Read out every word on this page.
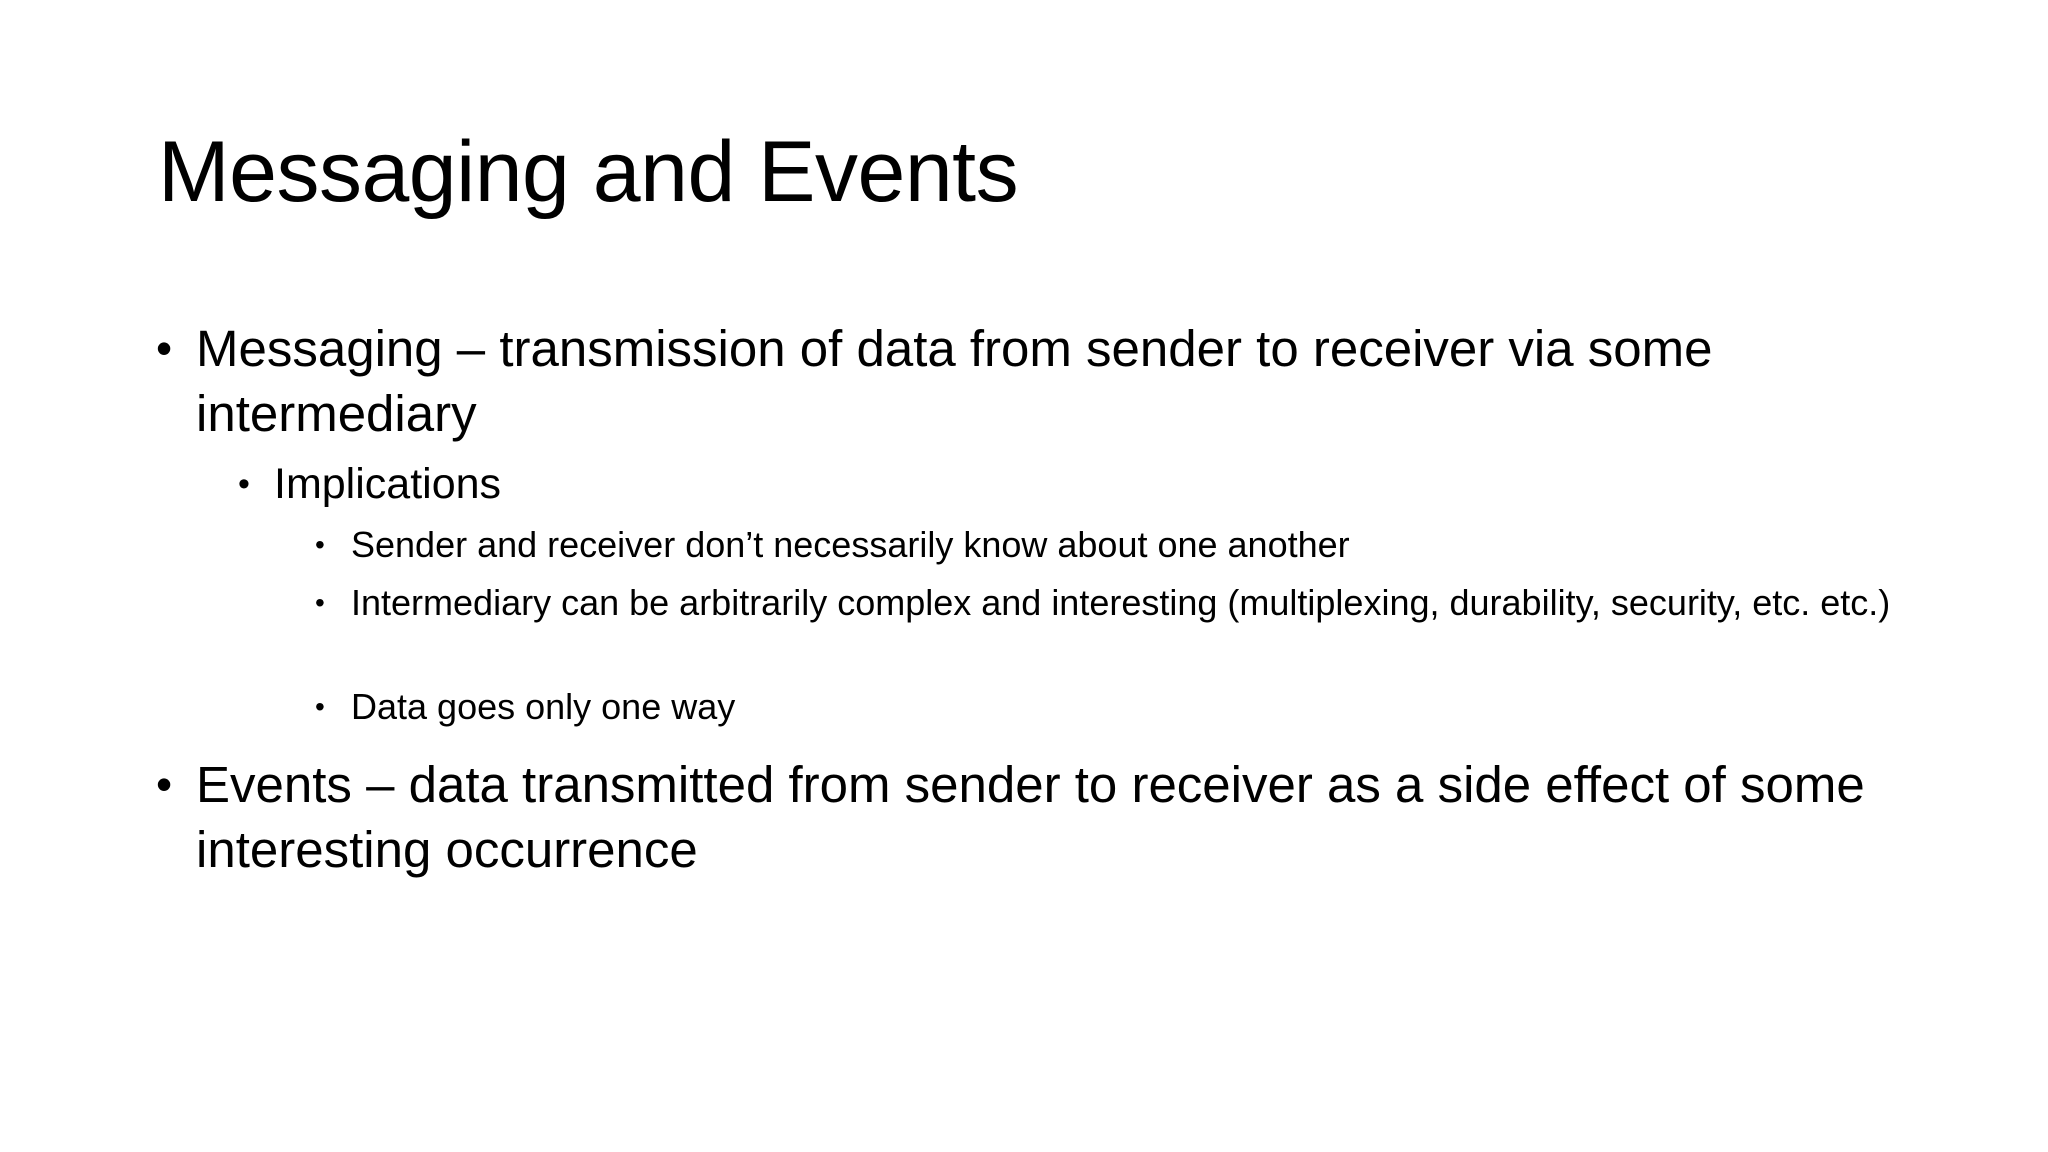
Messaging and Events

• Messaging – transmission of data from sender to receiver via some intermediary

• Implications

• Sender and receiver don’t necessarily know about one another

• Intermediary can be arbitrarily complex and interesting (multiplexing, durability, security, etc. etc.)

• Data goes only one way

• Events – data transmitted from sender to receiver as a side effect of some interesting occurrence
